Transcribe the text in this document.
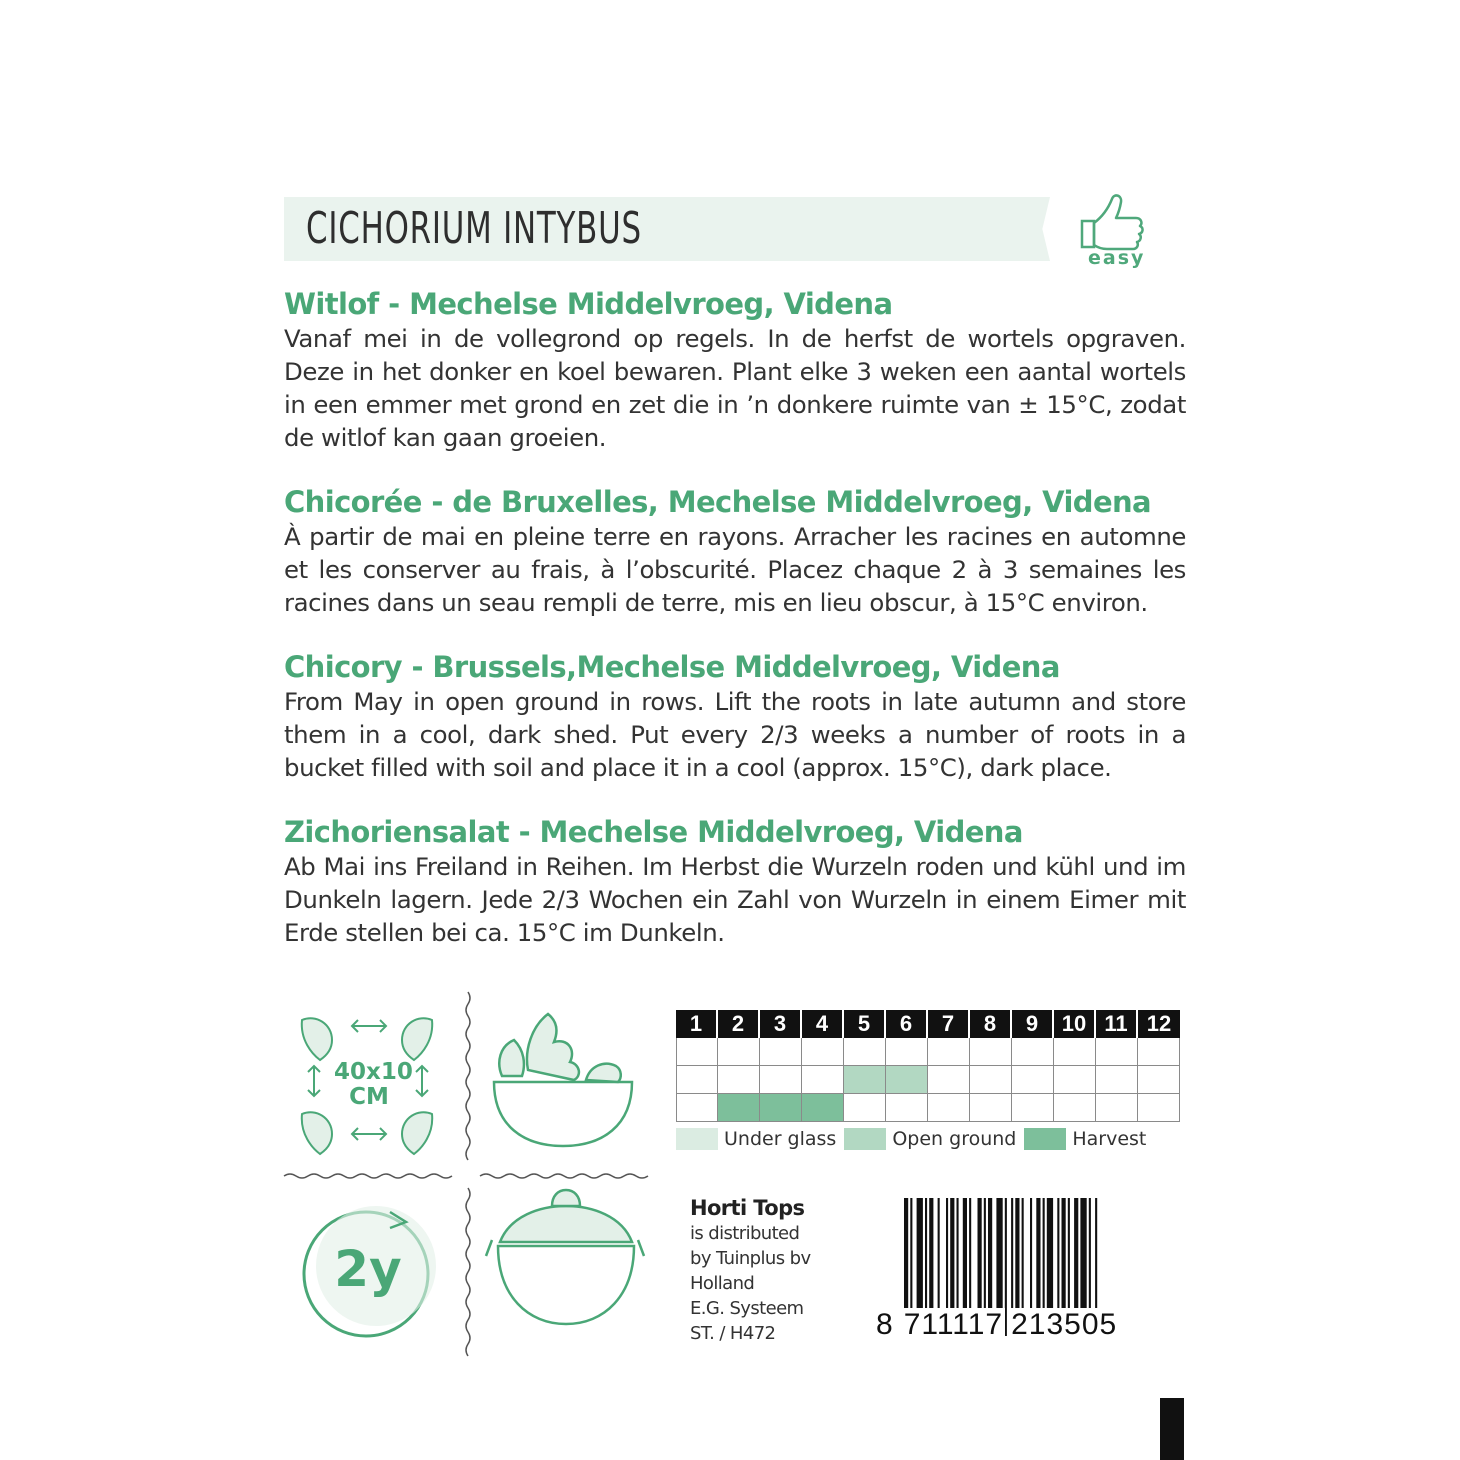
CICHORIUM INTYBUS
easy

Witlof - Mechelse Middelvroeg, Videna

Vanaf mei in de vollegrond op regels. In de herfst de wortels opgraven. Deze in het donker en koel bewaren. Plant elke 3 weken een aantal wortels in een emmer met grond en zet die in ’n donkere ruimte van ± 15°C, zodat de witlof kan gaan groeien.

Chicorée - de Bruxelles, Mechelse Middelvroeg, Videna

À partir de mai en pleine terre en rayons. Arracher les racines en automne et les conserver au frais, à l’obscurité. Placez chaque 2 à 3 semaines les racines dans un seau rempli de terre, mis en lieu obscur, à 15°C environ.

Chicory - Brussels,Mechelse Middelvroeg, Videna

From May in open ground in rows. Lift the roots in late autumn and store them in a cool, dark shed. Put every 2/3 weeks a number of roots in a bucket filled with soil and place it in a cool (approx. 15°C), dark place.

Zichoriensalat - Mechelse Middelvroeg, Videna

Ab Mai ins Freiland in Reihen. Im Herbst die Wurzeln roden und kühl und im Dunkeln lagern. Jede 2/3 Wochen ein Zahl von Wurzeln in einem Eimer mit Erde stellen bei ca. 15°C im Dunkeln.

40x10
CM
2y
1	2	3	4	5	6	7	8	9	10 11 12
Under glass	Open ground	Harvest
Horti Tops
is distributed
by Tuinplus bv
Holland
E.G. Systeem
ST. / H472	8 711117 213505
